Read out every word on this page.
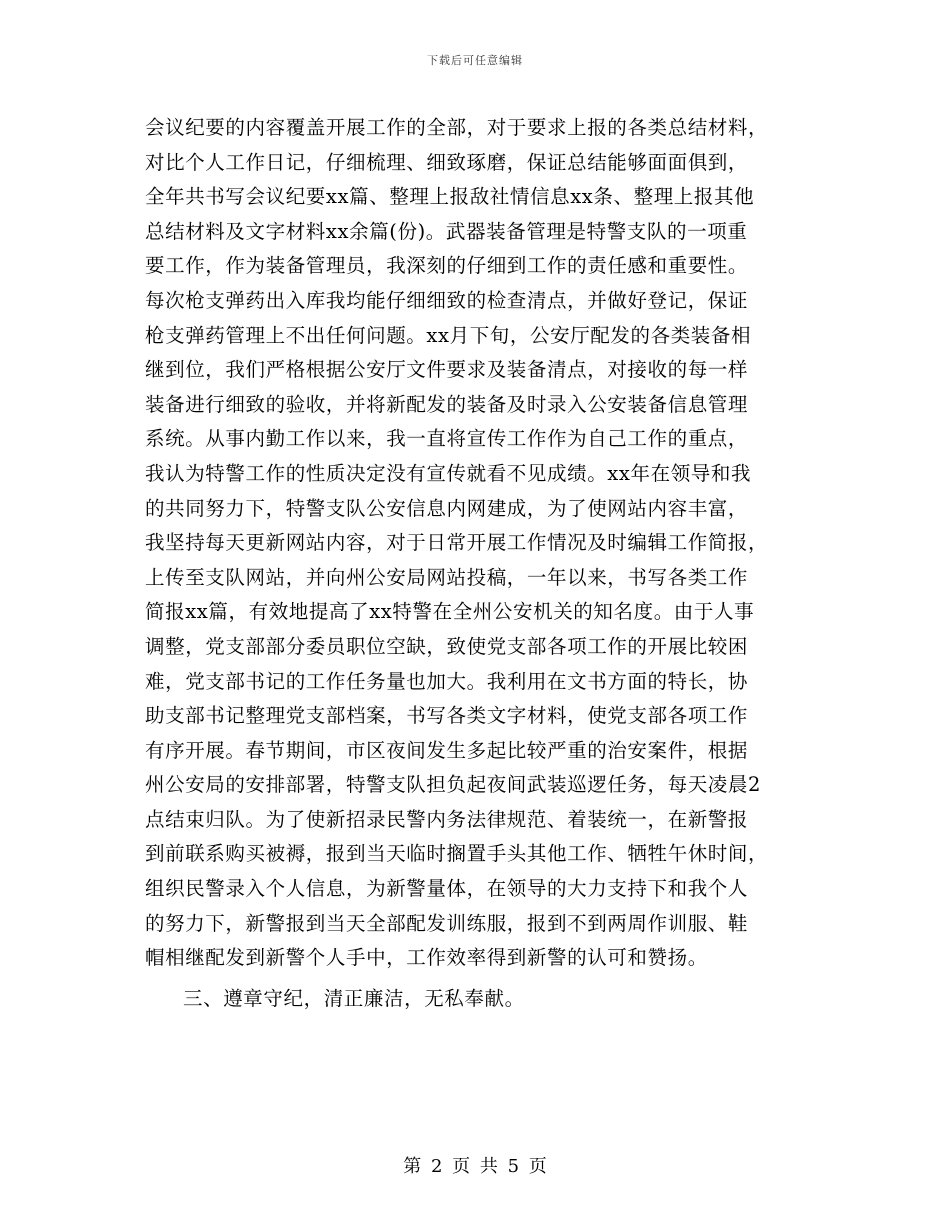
下载后可任意编辑
会议纪要的内容覆盖开展工作的全部，对于要求上报的各类总结材料，
对比个人工作日记，仔细梳理、细致琢磨，保证总结能够面面俱到，
全年共书写会议纪要xx篇、整理上报敌社情信息xx条、整理上报其他
总结材料及文字材料xx余篇(份)。武器装备管理是特警支队的一项重
要工作，作为装备管理员，我深刻的仔细到工作的责任感和重要性。
每次枪支弹药出入库我均能仔细细致的检查清点，并做好登记，保证
枪支弹药管理上不出任何问题。xx月下旬，公安厅配发的各类装备相
继到位，我们严格根据公安厅文件要求及装备清点，对接收的每一样
装备进行细致的验收，并将新配发的装备及时录入公安装备信息管理
系统。从事内勤工作以来，我一直将宣传工作作为自己工作的重点，
我认为特警工作的性质决定没有宣传就看不见成绩。xx年在领导和我
的共同努力下，特警支队公安信息内网建成，为了使网站内容丰富，
我坚持每天更新网站内容，对于日常开展工作情况及时编辑工作简报，
上传至支队网站，并向州公安局网站投稿，一年以来，书写各类工作
简报xx篇，有效地提高了xx特警在全州公安机关的知名度。由于人事
调整，党支部部分委员职位空缺，致使党支部各项工作的开展比较困
难，党支部书记的工作任务量也加大。我利用在文书方面的特长，协
助支部书记整理党支部档案，书写各类文字材料，使党支部各项工作
有序开展。春节期间，市区夜间发生多起比较严重的治安案件，根据
州公安局的安排部署，特警支队担负起夜间武装巡逻任务，每天凌晨2
点结束归队。为了使新招录民警内务法律规范、着装统一，在新警报
到前联系购买被褥，报到当天临时搁置手头其他工作、牺牲午休时间，
组织民警录入个人信息，为新警量体，在领导的大力支持下和我个人
的努力下，新警报到当天全部配发训练服，报到不到两周作训服、鞋
帽相继配发到新警个人手中，工作效率得到新警的认可和赞扬。
三、遵章守纪，清正廉洁，无私奉献。
第 2 页 共 5 页
